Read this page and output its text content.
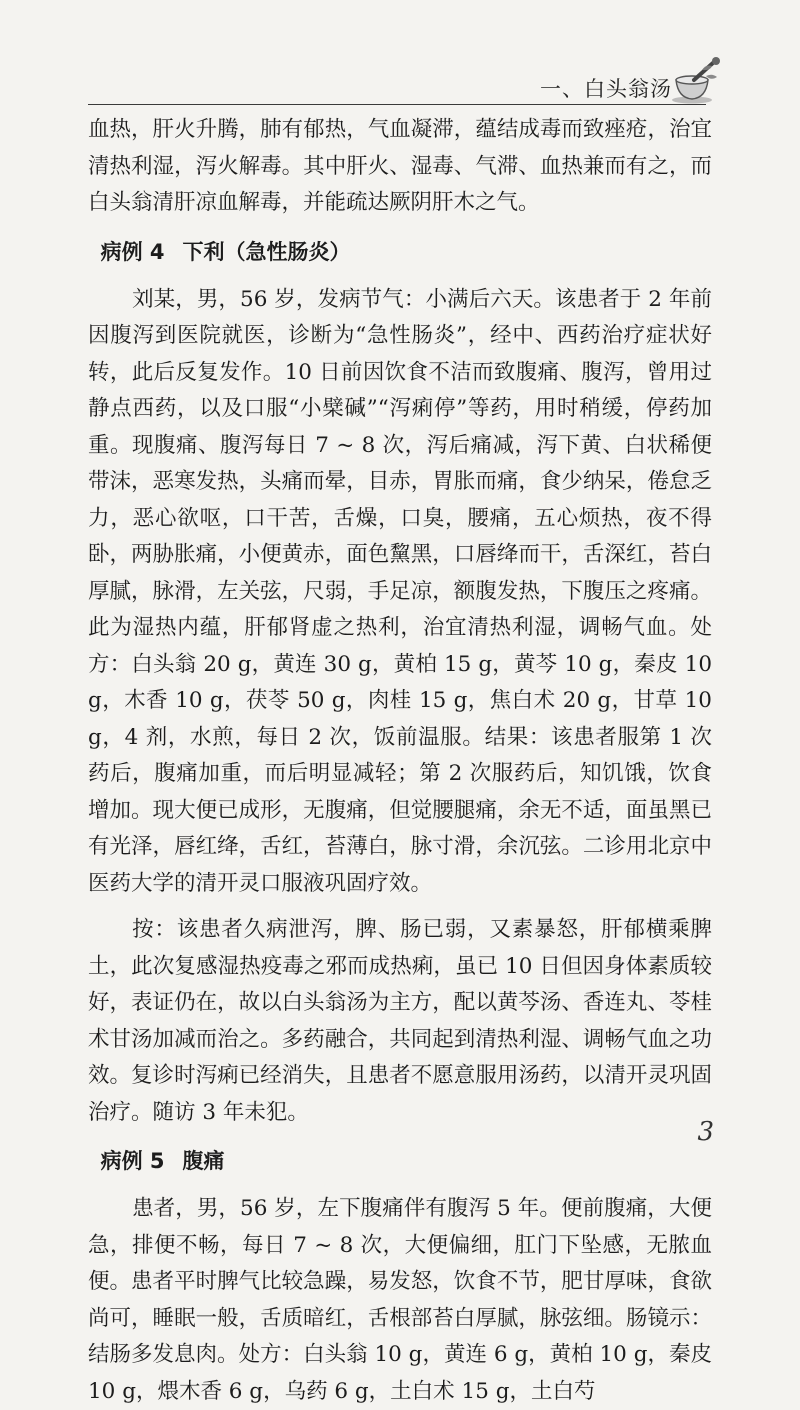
一、白头翁汤

血热，肝火升腾，肺有郁热，气血凝滞，蕴结成毒而致痤疮，治宜清热利湿，泻火解毒。其中肝火、湿毒、气滞、血热兼而有之，而白头翁清肝凉血解毒，并能疏达厥阴肝木之气。

病例 4 下利（急性肠炎）

刘某，男，56 岁，发病节气：小满后六天。该患者于 2 年前因腹泻到医院就医，诊断为“急性肠炎”，经中、西药治疗症状好转，此后反复发作。10 日前因饮食不洁而致腹痛、腹泻，曾用过静点西药，以及口服“小檗碱”“泻痢停”等药，用时稍缓，停药加重。现腹痛、腹泻每日 7 ~ 8 次，泻后痛减，泻下黄、白状稀便带沫，恶寒发热，头痛而晕，目赤，胃胀而痛，食少纳呆，倦怠乏力，恶心欲呕，口干苦，舌燥，口臭，腰痛，五心烦热，夜不得卧，两胁胀痛，小便黄赤，面色黧黑，口唇绛而干，舌深红，苔白厚腻，脉滑，左关弦，尺弱，手足凉，额腹发热，下腹压之疼痛。此为湿热内蕴，肝郁肾虚之热利，治宜清热利湿，调畅气血。处方：白头翁 20 g，黄连 30 g，黄柏 15 g，黄芩 10 g，秦皮 10 g，木香 10 g，茯苓 50 g，肉桂 15 g，焦白术 20 g，甘草 10 g，4 剂，水煎，每日 2 次，饭前温服。结果：该患者服第 1 次药后，腹痛加重，而后明显减轻；第 2 次服药后，知饥饿，饮食增加。现大便已成形，无腹痛，但觉腰腿痛，余无不适，面虽黑已有光泽，唇红绛，舌红，苔薄白，脉寸滑，余沉弦。二诊用北京中医药大学的清开灵口服液巩固疗效。

按：该患者久病泄泻，脾、肠已弱，又素暴怒，肝郁横乘脾土，此次复感湿热疫毒之邪而成热痢，虽已 10 日但因身体素质较好，表证仍在，故以白头翁汤为主方，配以黄芩汤、香连丸、苓桂术甘汤加减而治之。多药融合，共同起到清热利湿、调畅气血之功效。复诊时泻痢已经消失，且患者不愿意服用汤药，以清开灵巩固治疗。随访 3 年未犯。

病例 5 腹痛

患者，男，56 岁，左下腹痛伴有腹泻 5 年。便前腹痛，大便急，排便不畅，每日 7 ~ 8 次，大便偏细，肛门下坠感，无脓血便。患者平时脾气比较急躁，易发怒，饮食不节，肥甘厚味，食欲尚可，睡眠一般，舌质暗红，舌根部苔白厚腻，脉弦细。肠镜示：结肠多发息肉。处方：白头翁 10 g，黄连 6 g，黄柏 10 g，秦皮 10 g，煨木香 6 g，乌药 6 g，土白术 15 g，土白芍

3
